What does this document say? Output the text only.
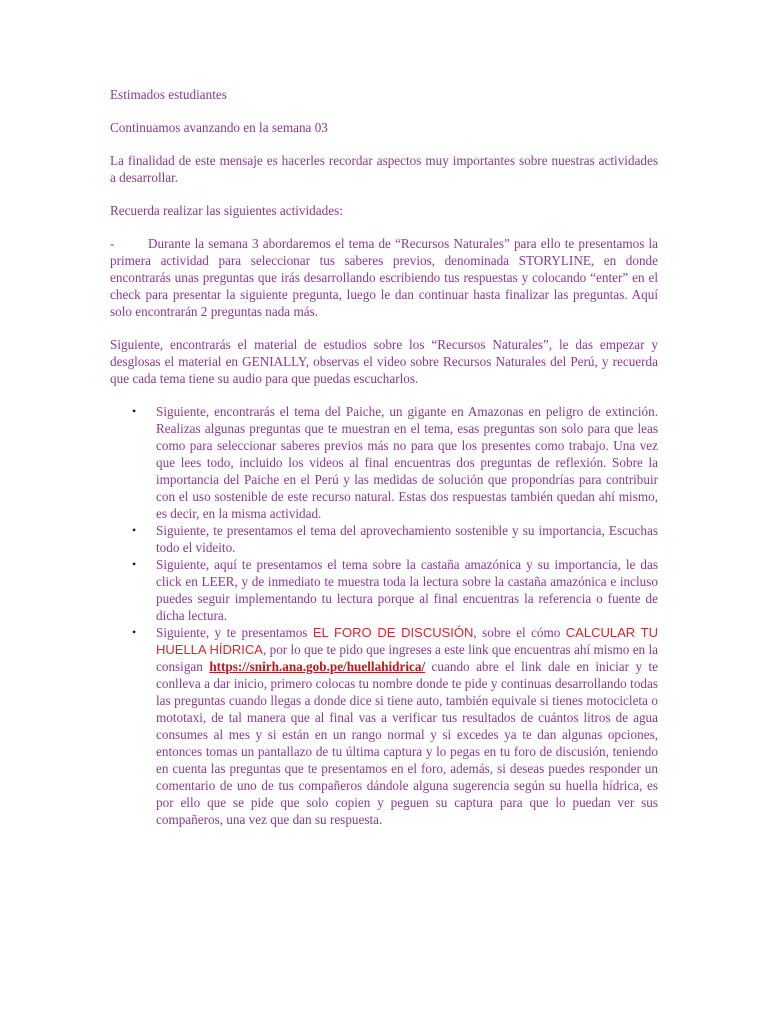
Estimados estudiantes

Continuamos avanzando en la semana 03

La finalidad de este mensaje es hacerles recordar aspectos muy importantes sobre nuestras actividades a desarrollar.

Recuerda realizar las siguientes actividades:

-	Durante la semana 3 abordaremos el tema de “Recursos Naturales” para ello te presentamos la primera actividad para seleccionar tus saberes previos, denominada STORYLINE, en donde encontrarás unas preguntas que irás desarrollando escribiendo tus respuestas y colocando “enter” en el check para presentar la siguiente pregunta, luego le dan continuar hasta finalizar las preguntas. Aquí solo encontrarán 2 preguntas nada más.

Siguiente, encontrarás el material de estudios sobre los “Recursos Naturales”, le das empezar y desglosas el material en GENIALLY, observas el video sobre Recursos Naturales del Perú, y recuerda que cada tema tiene su audio para que puedas escucharlos.

• Siguiente, encontrarás el tema del Paiche, un gigante en Amazonas en peligro de extinción. Realizas algunas preguntas que te muestran en el tema, esas preguntas son solo para que leas como para seleccionar saberes previos más no para que los presentes como trabajo. Una vez que lees todo, incluido los videos al final encuentras dos preguntas de reflexión. Sobre la importancia del Paiche en el Perú y las medidas de solución que propondrías para contribuir con el uso sostenible de este recurso natural. Estas dos respuestas también quedan ahí mismo, es decir, en la misma actividad.
• Siguiente, te presentamos el tema del aprovechamiento sostenible y su importancia, Escuchas todo el videito.
• Siguiente, aquí te presentamos el tema sobre la castaña amazónica y su importancia, le das click en LEER, y de inmediato te muestra toda la lectura sobre la castaña amazónica e incluso puedes seguir implementando tu lectura porque al final encuentras la referencia o fuente de dicha lectura.
• Siguiente, y te presentamos EL FORO DE DISCUSIÓN, sobre el cómo CALCULAR TU HUELLA HÍDRICA, por lo que te pido que ingreses a este link que encuentras ahí mismo en la consigan https://snirh.ana.gob.pe/huellahidrica/ cuando abre el link dale en iniciar y te conlleva a dar inicio, primero colocas tu nombre donde te pide y continuas desarrollando todas las preguntas cuando llegas a donde dice si tiene auto, también equivale si tienes motocicleta o mototaxi, de tal manera que al final vas a verificar tus resultados de cuántos litros de agua consumes al mes y si están en un rango normal y si excedes ya te dan algunas opciones, entonces tomas un pantallazo de tu última captura y lo pegas en tu foro de discusión, teniendo en cuenta las preguntas que te presentamos en el foro, además, si deseas puedes responder un comentario de uno de tus compañeros dándole alguna sugerencia según su huella hídrica, es por ello que se pide que solo copien y peguen su captura para que lo puedan ver sus compañeros, una vez que dan su respuesta.
